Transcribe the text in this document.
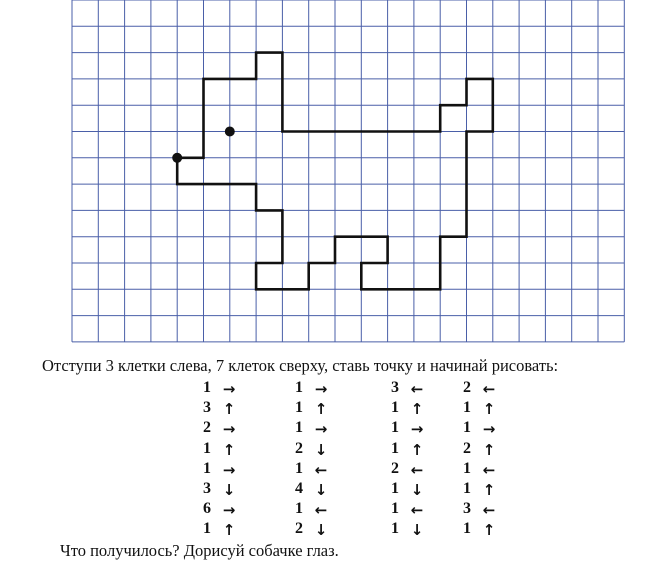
Отступи 3 клетки слева, 7 клеток сверху, ставь точку и начинай рисовать:
1 →
3 ↑
2 →
1 ↑
1 →
3 ↓
6 →
1 ↑
1 →
1 ↑
1 →
2 ↓
1 ←
4 ↓
1 ←
2 ↓
3 ←
1 ↑
1 →
1 ↑
2 ←
1 ↓
1 ←
1 ↓
2 ←
1 ↑
1 →
2 ↑
1 ←
1 ↑
3 ←
1 ↑
Что получилось? Дорисуй собачке глаз.
